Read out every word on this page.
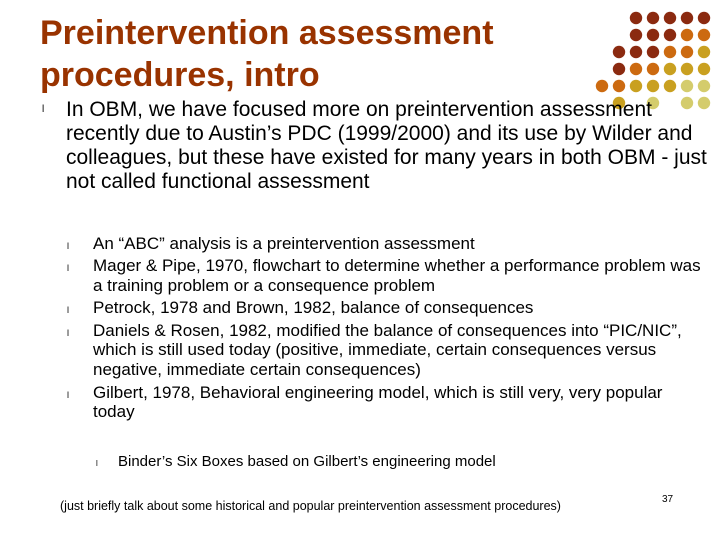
Preintervention assessment
procedures, intro
l In OBM, we have focused more on preintervention assessment recently due to Austin’s PDC (1999/2000) and its use by Wilder and colleagues, but these have existed for many years in both OBM - just not called functional assessment
l An “ABC” analysis is a preintervention assessment
l Mager & Pipe, 1970, flowchart to determine whether a performance problem was a training problem or a consequence problem
l Petrock, 1978 and Brown, 1982, balance of consequences
l Daniels & Rosen, 1982, modified the balance of consequences into “PIC/NIC”, which is still used today (positive, immediate, certain consequences versus negative, immediate certain consequences)
l Gilbert, 1978, Behavioral engineering model, which is still very, very popular today
l Binder’s Six Boxes based on Gilbert’s engineering model
(just briefly talk about some historical and popular preintervention assessment procedures)	37
